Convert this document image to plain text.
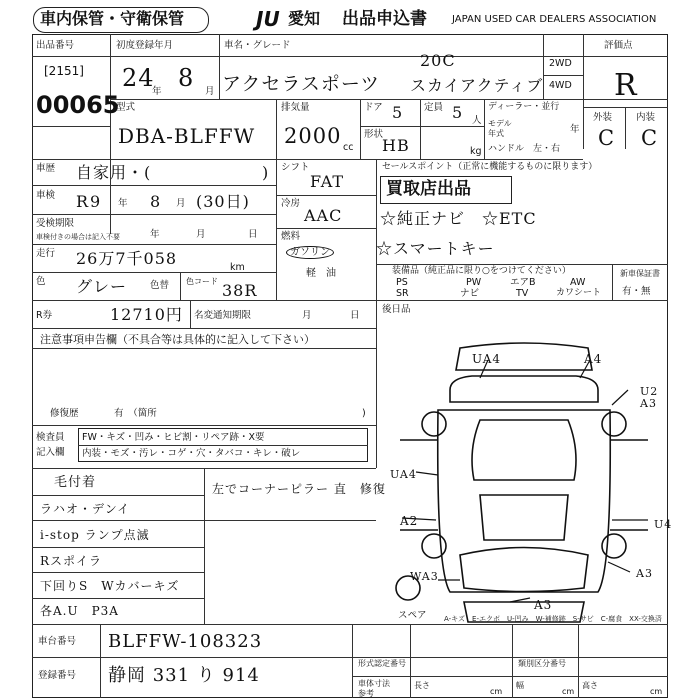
車内保管・守衛保管	JU 愛知 出品申込書	JAPAN USED CAR DEALERS ASSOCIATION
出品番号
[2151]
00065
初度登録年月
24
年 8 月
車名・グレード
20C
アクセラスポーツ スカイアクティブ
2WD
4WD
評価点
R
外装	内装
C C
型式
DBA-BLFFW
排気量
2000 cc
ドア 5 定員 5 人
形状
HB	kg
ディーラー・並行
モデル
年式	年
ハンドル　左・右
車歴 自家用・(	)
車検 R 9 年 8 月 (30日)
受検期限
車検付きの場合は記入不要	年	月	日
走行 26万7千058	km
色 グレー 色替 色コード 38R
シフト
FAT
冷房
AAC
燃料
ガソリン
軽　油
セールスポイント（正常に機能するものに限ります）
買取店出品
☆純正ナビ　☆ETC
☆スマートキー
装備品（純正品に限り○をつけてください）
PS	PW	エアB	AW
SR	ナビ	TV	カワシート
新車保証書
有・無
R券	12710円 名変通知期限	月	日
後日品
注意事項申告欄（不具合等は具体的に記入して下さい）
修復歴	有　（箇所	)
検査員
記入欄
FW・キズ・凹み・ヒビ割・リペア跡・X要
内装・モズ・汚レ・コゲ・穴・タバコ・キレ・破レ
毛付着
ラハオ・デンイ
i-stop ランプ点滅
Rスポイラ
下回りS　Wカバーキズ
各A.U　P3A
左でコーナーピラー 直　修復
UA4	A4
U2
A3
UA4
A2	U4
WA3	A3
A3
スペア A-キズ　E-エクボ　U-凹み　W-補修跡　S-サビ　C-腐食　XX-交換済
車台番号 BLFFW-108323
登録番号 静岡 331 り 914
形式認定番号	類別区分番号
車体寸法
参考
長さ
cm
幅
cm
高さ
cm
